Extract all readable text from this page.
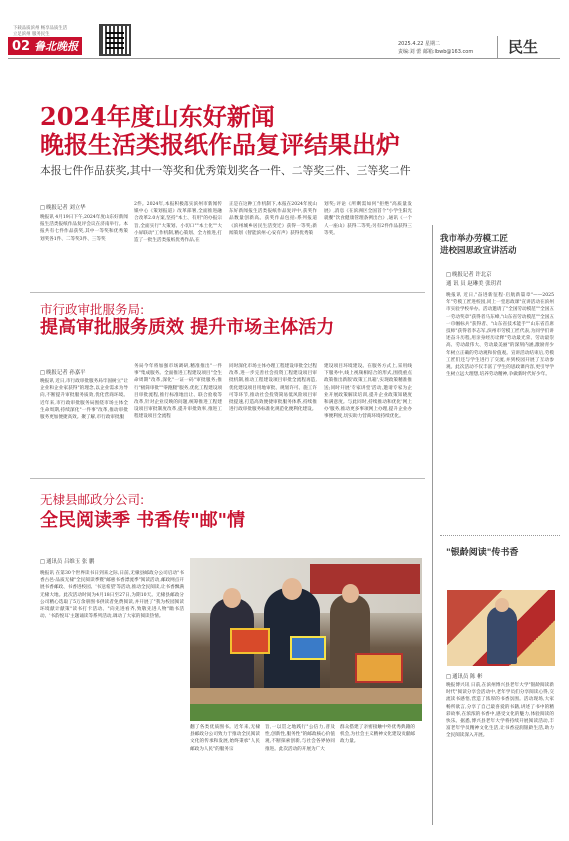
下载品质滨州 畅享品质生活
立足滨州 服务民生
02 鲁北晚报	2025.4.22 星期二
责编:刘 蕾 邮箱:lbwb@163.com 民生
2024年度山东好新闻
晚报生活类报纸作品复评结果出炉
本报七件作品获奖,其中一等奖和优秀策划奖各一件、二等奖三件、三等奖二件
□ 晚报记者 刘立华
晚报讯 4月19日下午,2024年度山东好新闻报生活类报纸作品复评会议在济南举行。本报共有七件作品获奖,其中一等奖和优秀策划奖各1件、二等奖3件、三等奖
2件。2024年,本报积极落实滨州市新闻传媒中心《策划报道》改革部署,全面推进融合改革2.0方案,坚持"本土、有用"的办报宗旨,全面实行"大策划、小切口""本土化""大小屏联动"工作机制,精心策划、全力推进,打造了一批生活类报纸优秀作品,在
正是在这种工作机制下,本报在2024年度山东好新闻报生活类报纸作品复评中,获奖作品数量创新高。获奖作品包括:系列报道《滨州城乡居民生活变迁》获得一等奖;新闻策划《智能滨州·心安有声》获得优秀策
划奖;评论《所剩需如何"拒绝"高质量发展》,消息《在滨洲区全国首个"小学生阳光就餐"饮食健康管理条例出台》,通讯《一个人一座山》获得二等奖;另有2件作品获得三等奖。
市行政审批服务局:
提高审批服务质效 提升市场主体活力
□ 晚报记者 孙嘉平
晚报讯 近日,市行政审批服务局牢固树立"让企业和企业家获得"的理念,以企业需求为导向,不断提升审批服务质效,优化营商环境。近年来,市行政审批服务局围绕市场主体全生命周期,持续深化"一件事"改革,推动审批服务更加便捷高效。聚了解,市行政审批服
务局今年将加强市场调研,精准推出"一件事"集成服务。全面推进工程建设项目"全生命周期"改革,深化"一证一码"审批服务;推行"极简审批""零跑腿"服务,优化工程建设项目审批流程,推行标准地出让、联合验收等改革,针对企业反映的问题,统筹推进工程建设项目审批制度改革,提升审批效率,推进工程建设项目全流程
同时深化市场主体办理工程建设审批全过程改革,进一步完善社会投资工程建设项目审批机制,推动工程建设项目审批全流程再造,优化建设项目用地审批、规划许可、施工许可等环节,推动社会投资简易低风险项目审批提速,打造高效便捷审批服务体系,持续推进行政审批服务标准化规范化便利化建设。
建设项目环境建设。在服务方式上,采用线下服务中,线上视频相结合的形式,围绕重点政策推出新版'政策工具箱',实现政策精准推送;同时开展'专家讲堂'活动,邀请专家为企业开展政策解读培训,提升企业政策知晓度和满意度。与此同时,持续推动和优化'网上办'服务,推动更多事项网上办理,提升企业办事便利度,切实助力营商环境持续优化。
无棣县邮政分公司:
全民阅读季 书香传"邮"情
□ 通讯员 吕维玉 张 鹏
晚报讯 在第30个世界读书日到来之际,日前,无棣县邮政分公司启动"书香古邑·品质无棣"全民阅读季暨"邮惠书香漂流季"阅读活动,邮政网点开展书香邮政、书香进校园、'书送希望'等活动,推动全民阅读,让书香飘满无棣大地。此次活动时间为4月18日至27日,为期10天。无棣县邮政分公司精心选取了5万余册图书供读者免费阅读,并开展了"我为校园阅读环境献计献策"读书打卡活动、"向先进看齐,致敬先进人物"瞻书活动、'书韵悦耳'主题诵读等系列活动,调动了大家的阅读热情。
翻了各类优质图书。近年来,无棣县邮政分公司致力于推动全民阅读文化的传承和发展,始终秉承"人民邮政为人民"的服务宗
旨,一以贯之地践行"公信力,普及性,创新性,服务性"的邮政核心价值观,不断探索创新,与社会各界协同推进。此次活动的开展为广大
群众搭建了亲密接触中外优秀典籍的机会,为社会主义精神文化建设贡献邮政力量。
我市举办劳模工匠
进校园思政宣讲活动
□ 晚报记者 许北京
通 讯 员 赵琳美 张玥君
晚报讯 近日,"奋进新征程·启航新篇章"——2025年"劳模工匠进校园,同上一堂思政课"宣讲活动在滨州市实验学校举办。活动邀请了"全国劳动模范""全国五一劳动奖章"获得者马东峰,"山东省劳动模范""全国五一巾帼标兵"获得者、"山东省技术能手""山东省首席技师"获得者李志军,滨州市劳模工匠代表,为同学们讲述奋斗历程,用亲身经历诠释"劳动最光荣、劳动最崇高、劳动最伟大、劳动最美丽"的深刻内涵,激励青少年树立正确的劳动观和价值观。宣讲活动结束后,劳模工匠们还与学生进行了交流,并到校园开展了互动参观。此次活动不仅丰富了学生的思政课内容,更引导学生树立远大理想,培养劳动精神,争做新时代好少年。
"银龄阅读"传书香
□ 通讯员 陈 彬
晚报博兴讯 日前,在滨州博兴县老年大学"银龄阅读新时代"阅读分享会活动中,老年学员们分享阅读心得,交流读书感悟,营造了浓厚的书香氛围。活动现场,大家畅所欲言,分享了自己最喜爱的书籍,讲述了书中的精彩故事,在浓浓的书香中,感受文化的魅力,体验阅读的快乐。据悉,博兴县老年大学将持续开展阅读活动,丰富老年学员精神文化生活,让书香浸润银龄生活,助力全民阅读深入开展。
